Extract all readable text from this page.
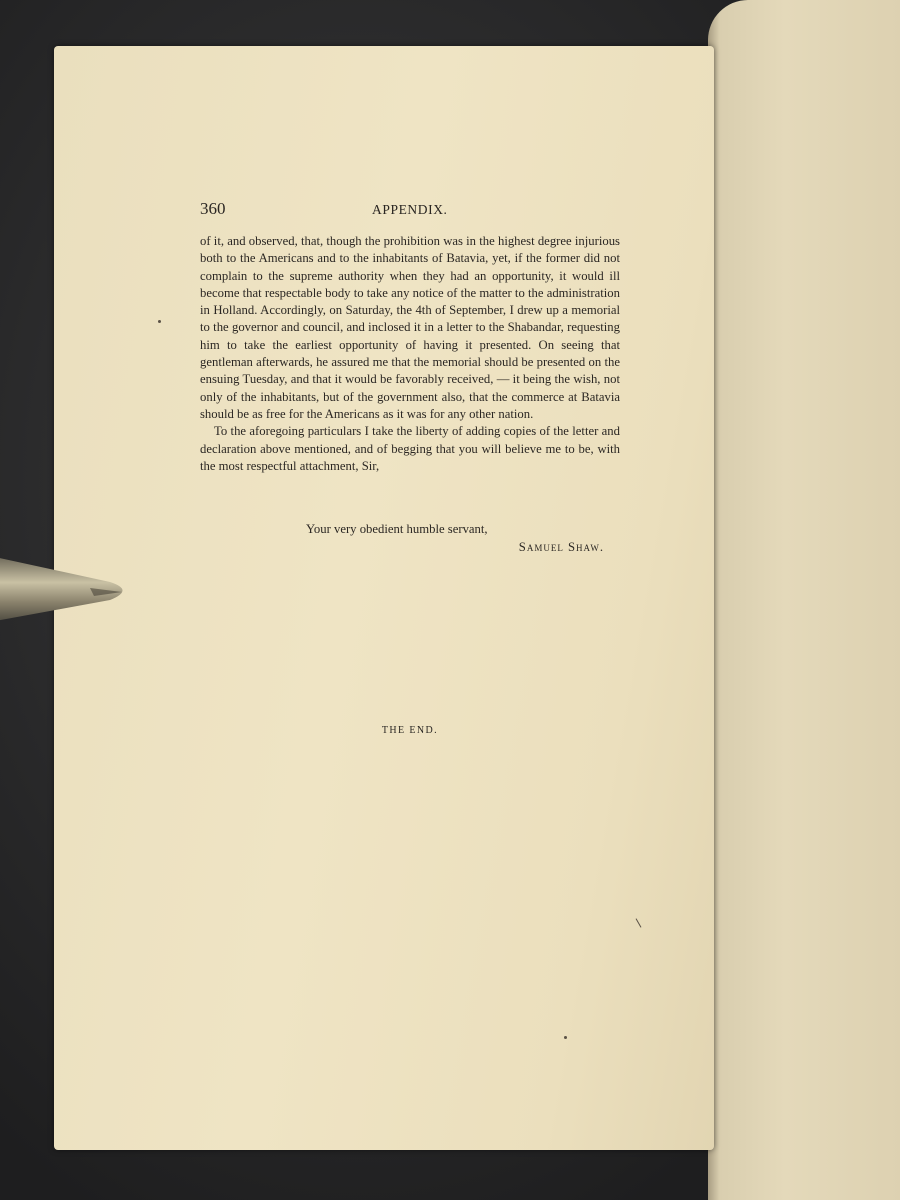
360	APPENDIX.

of it, and observed, that, though the prohibition was in the highest degree injurious both to the Americans and to the inhabitants of Batavia, yet, if the former did not complain to the supreme authority when they had an opportunity, it would ill become that respectable body to take any notice of the matter to the administration in Holland. Accordingly, on Saturday, the 4th of September, I drew up a memorial to the governor and council, and inclosed it in a letter to the Shabandar, requesting him to take the earliest opportunity of having it presented. On seeing that gentleman afterwards, he assured me that the memorial should be presented on the ensuing Tuesday, and that it would be favorably received, — it being the wish, not only of the inhabitants, but of the government also, that the commerce at Batavia should be as free for the Americans as it was for any other nation.

To the aforegoing particulars I take the liberty of adding copies of the letter and declaration above mentioned, and of begging that you will believe me to be, with the most respectful attachment, Sir,

Your very obedient humble servant,
Samuel Shaw.
THE END.
